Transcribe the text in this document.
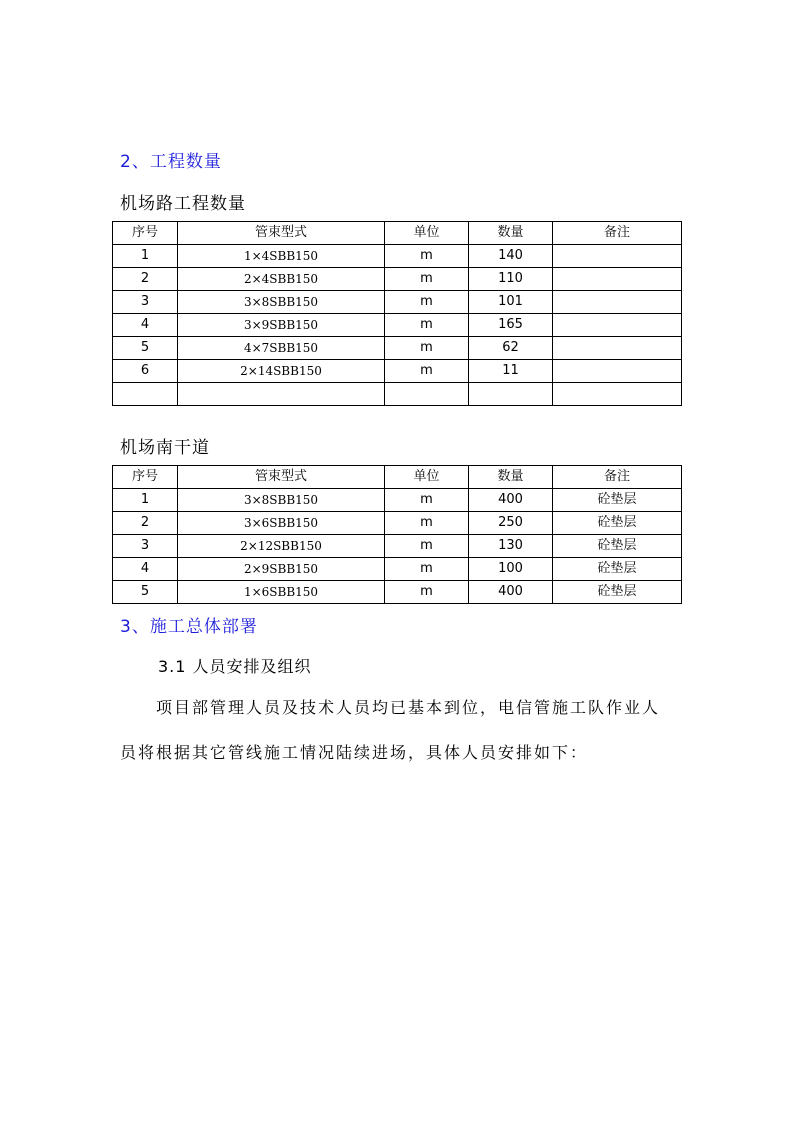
2、工程数量
机场路工程数量
序号	管束型式	单位	数量	备注
1	1×4SBB150	m	140	
2	2×4SBB150	m	110	
3	3×8SBB150	m	101	
4	3×9SBB150	m	165	
5	4×7SBB150	m	62	
6	2×14SBB150	m	11	

机场南干道
序号	管束型式	单位	数量	备注
1	3×8SBB150	m	400	砼垫层
2	3×6SBB150	m	250	砼垫层
3	2×12SBB150	m	130	砼垫层
4	2×9SBB150	m	100	砼垫层
5	1×6SBB150	m	400	砼垫层
3、施工总体部署
3.1 人员安排及组织
项目部管理人员及技术人员均已基本到位，电信管施工队作业人
员将根据其它管线施工情况陆续进场，具体人员安排如下：
